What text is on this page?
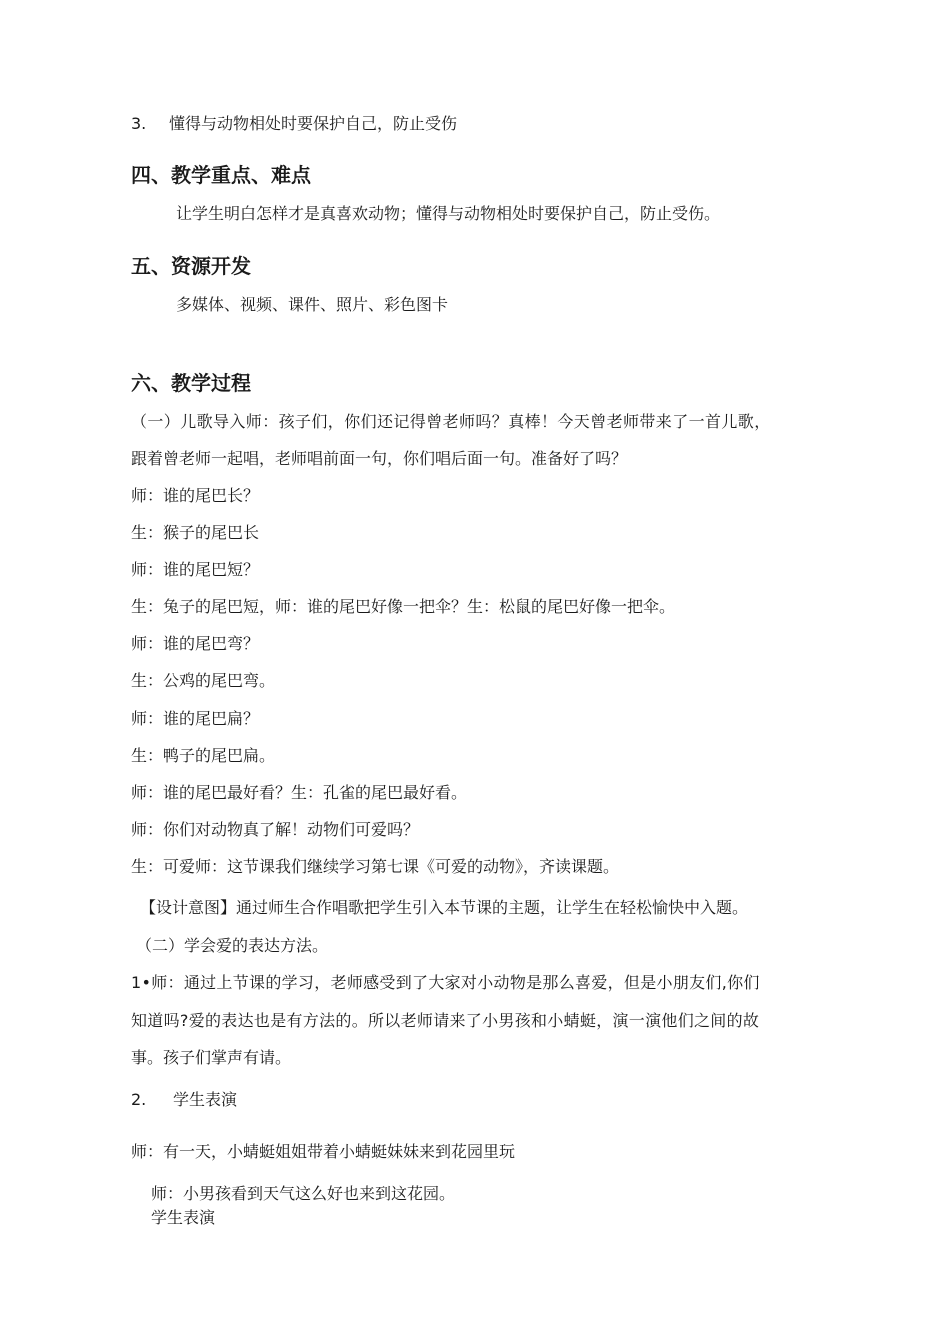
3. 懂得与动物相处时要保护自己，防止受伤
四、教学重点、难点
让学生明白怎样才是真喜欢动物；懂得与动物相处时要保护自己，防止受伤。
五、资源开发
多媒体、视频、课件、照片、彩色图卡
六、教学过程
（一）儿歌导入师：孩子们，你们还记得曾老师吗？真棒！今天曾老师带来了一首儿歌，
跟着曾老师一起唱，老师唱前面一句，你们唱后面一句。准备好了吗？
师：谁的尾巴长？
生：猴子的尾巴长
师：谁的尾巴短？
生：兔子的尾巴短，师：谁的尾巴好像一把伞？生：松鼠的尾巴好像一把伞。
师：谁的尾巴弯？
生：公鸡的尾巴弯。
师：谁的尾巴扁？
生：鸭子的尾巴扁。
师：谁的尾巴最好看？生：孔雀的尾巴最好看。
师：你们对动物真了解！动物们可爱吗？
生：可爱师：这节课我们继续学习第七课《可爱的动物》，齐读课题。
【设计意图】通过师生合作唱歌把学生引入本节课的主题，让学生在轻松愉快中入题。
（二）学会爱的表达方法。
1•师：通过上节课的学习，老师感受到了大家对小动物是那么喜爱，但是小朋友们,你们
知道吗?爱的表达也是有方法的。所以老师请来了小男孩和小蜻蜓，演一演他们之间的故
事。孩子们掌声有请。
2. 学生表演
师：有一天，小蜻蜓姐姐带着小蜻蜓妹妹来到花园里玩
师：小男孩看到天气这么好也来到这花园。
学生表演
